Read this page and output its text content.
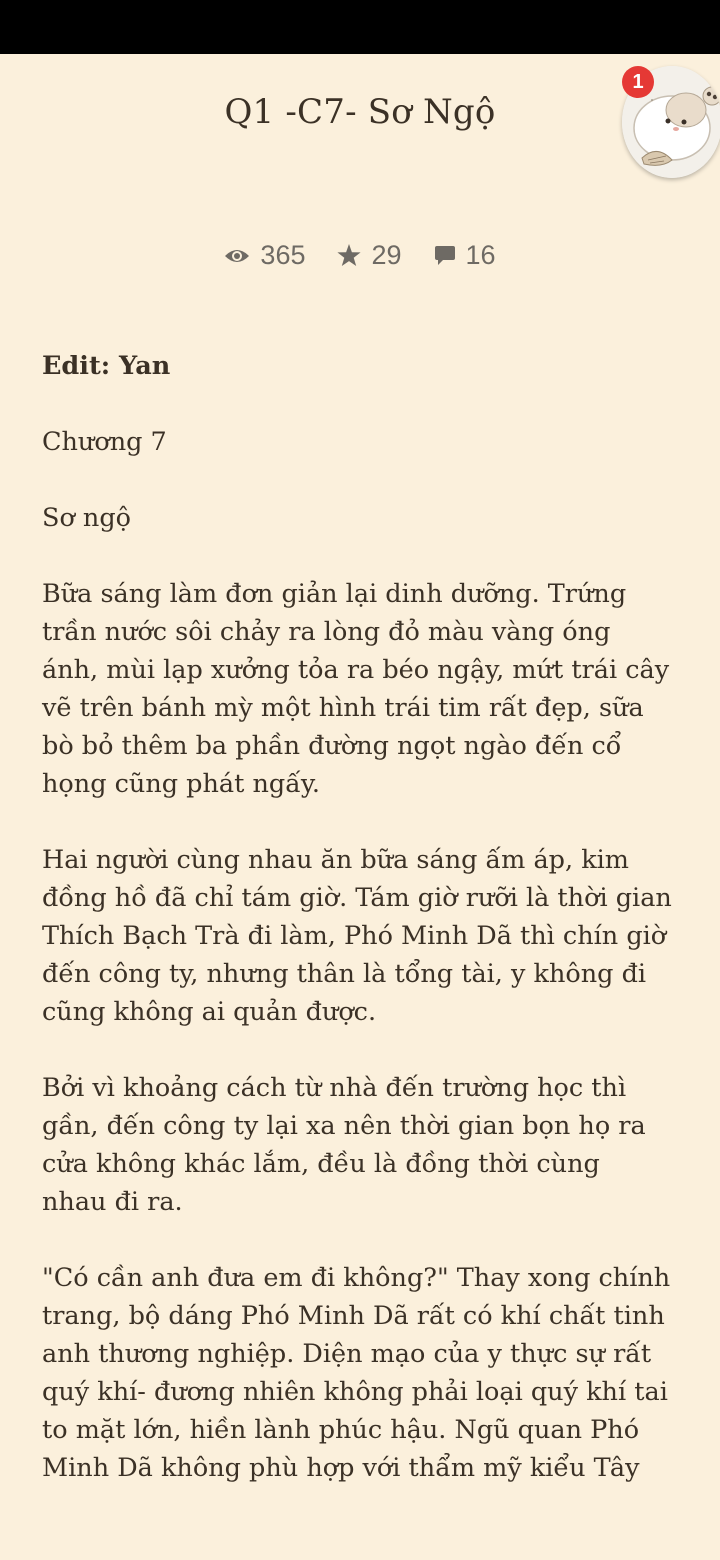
Q1 -C7- Sơ Ngộ
1
365 29 16

Edit: Yan

Chương 7

Sơ ngộ

Bữa sáng làm đơn giản lại dinh dưỡng. Trứng trần nước sôi chảy ra lòng đỏ màu vàng óng ánh, mùi lạp xưởng tỏa ra béo ngậy, mứt trái cây vẽ trên bánh mỳ một hình trái tim rất đẹp, sữa bò bỏ thêm ba phần đường ngọt ngào đến cổ họng cũng phát ngấy.

Hai người cùng nhau ăn bữa sáng ấm áp, kim đồng hồ đã chỉ tám giờ. Tám giờ rưỡi là thời gian Thích Bạch Trà đi làm, Phó Minh Dã thì chín giờ đến công ty, nhưng thân là tổng tài, y không đi cũng không ai quản được.

Bởi vì khoảng cách từ nhà đến trường học thì gần, đến công ty lại xa nên thời gian bọn họ ra cửa không khác lắm, đều là đồng thời cùng nhau đi ra.

"Có cần anh đưa em đi không?" Thay xong chính trang, bộ dáng Phó Minh Dã rất có khí chất tinh anh thương nghiệp. Diện mạo của y thực sự rất quý khí- đương nhiên không phải loại quý khí tai to mặt lớn, hiền lành phúc hậu. Ngũ quan Phó Minh Dã không phù hợp với thẩm mỹ kiểu Tây
